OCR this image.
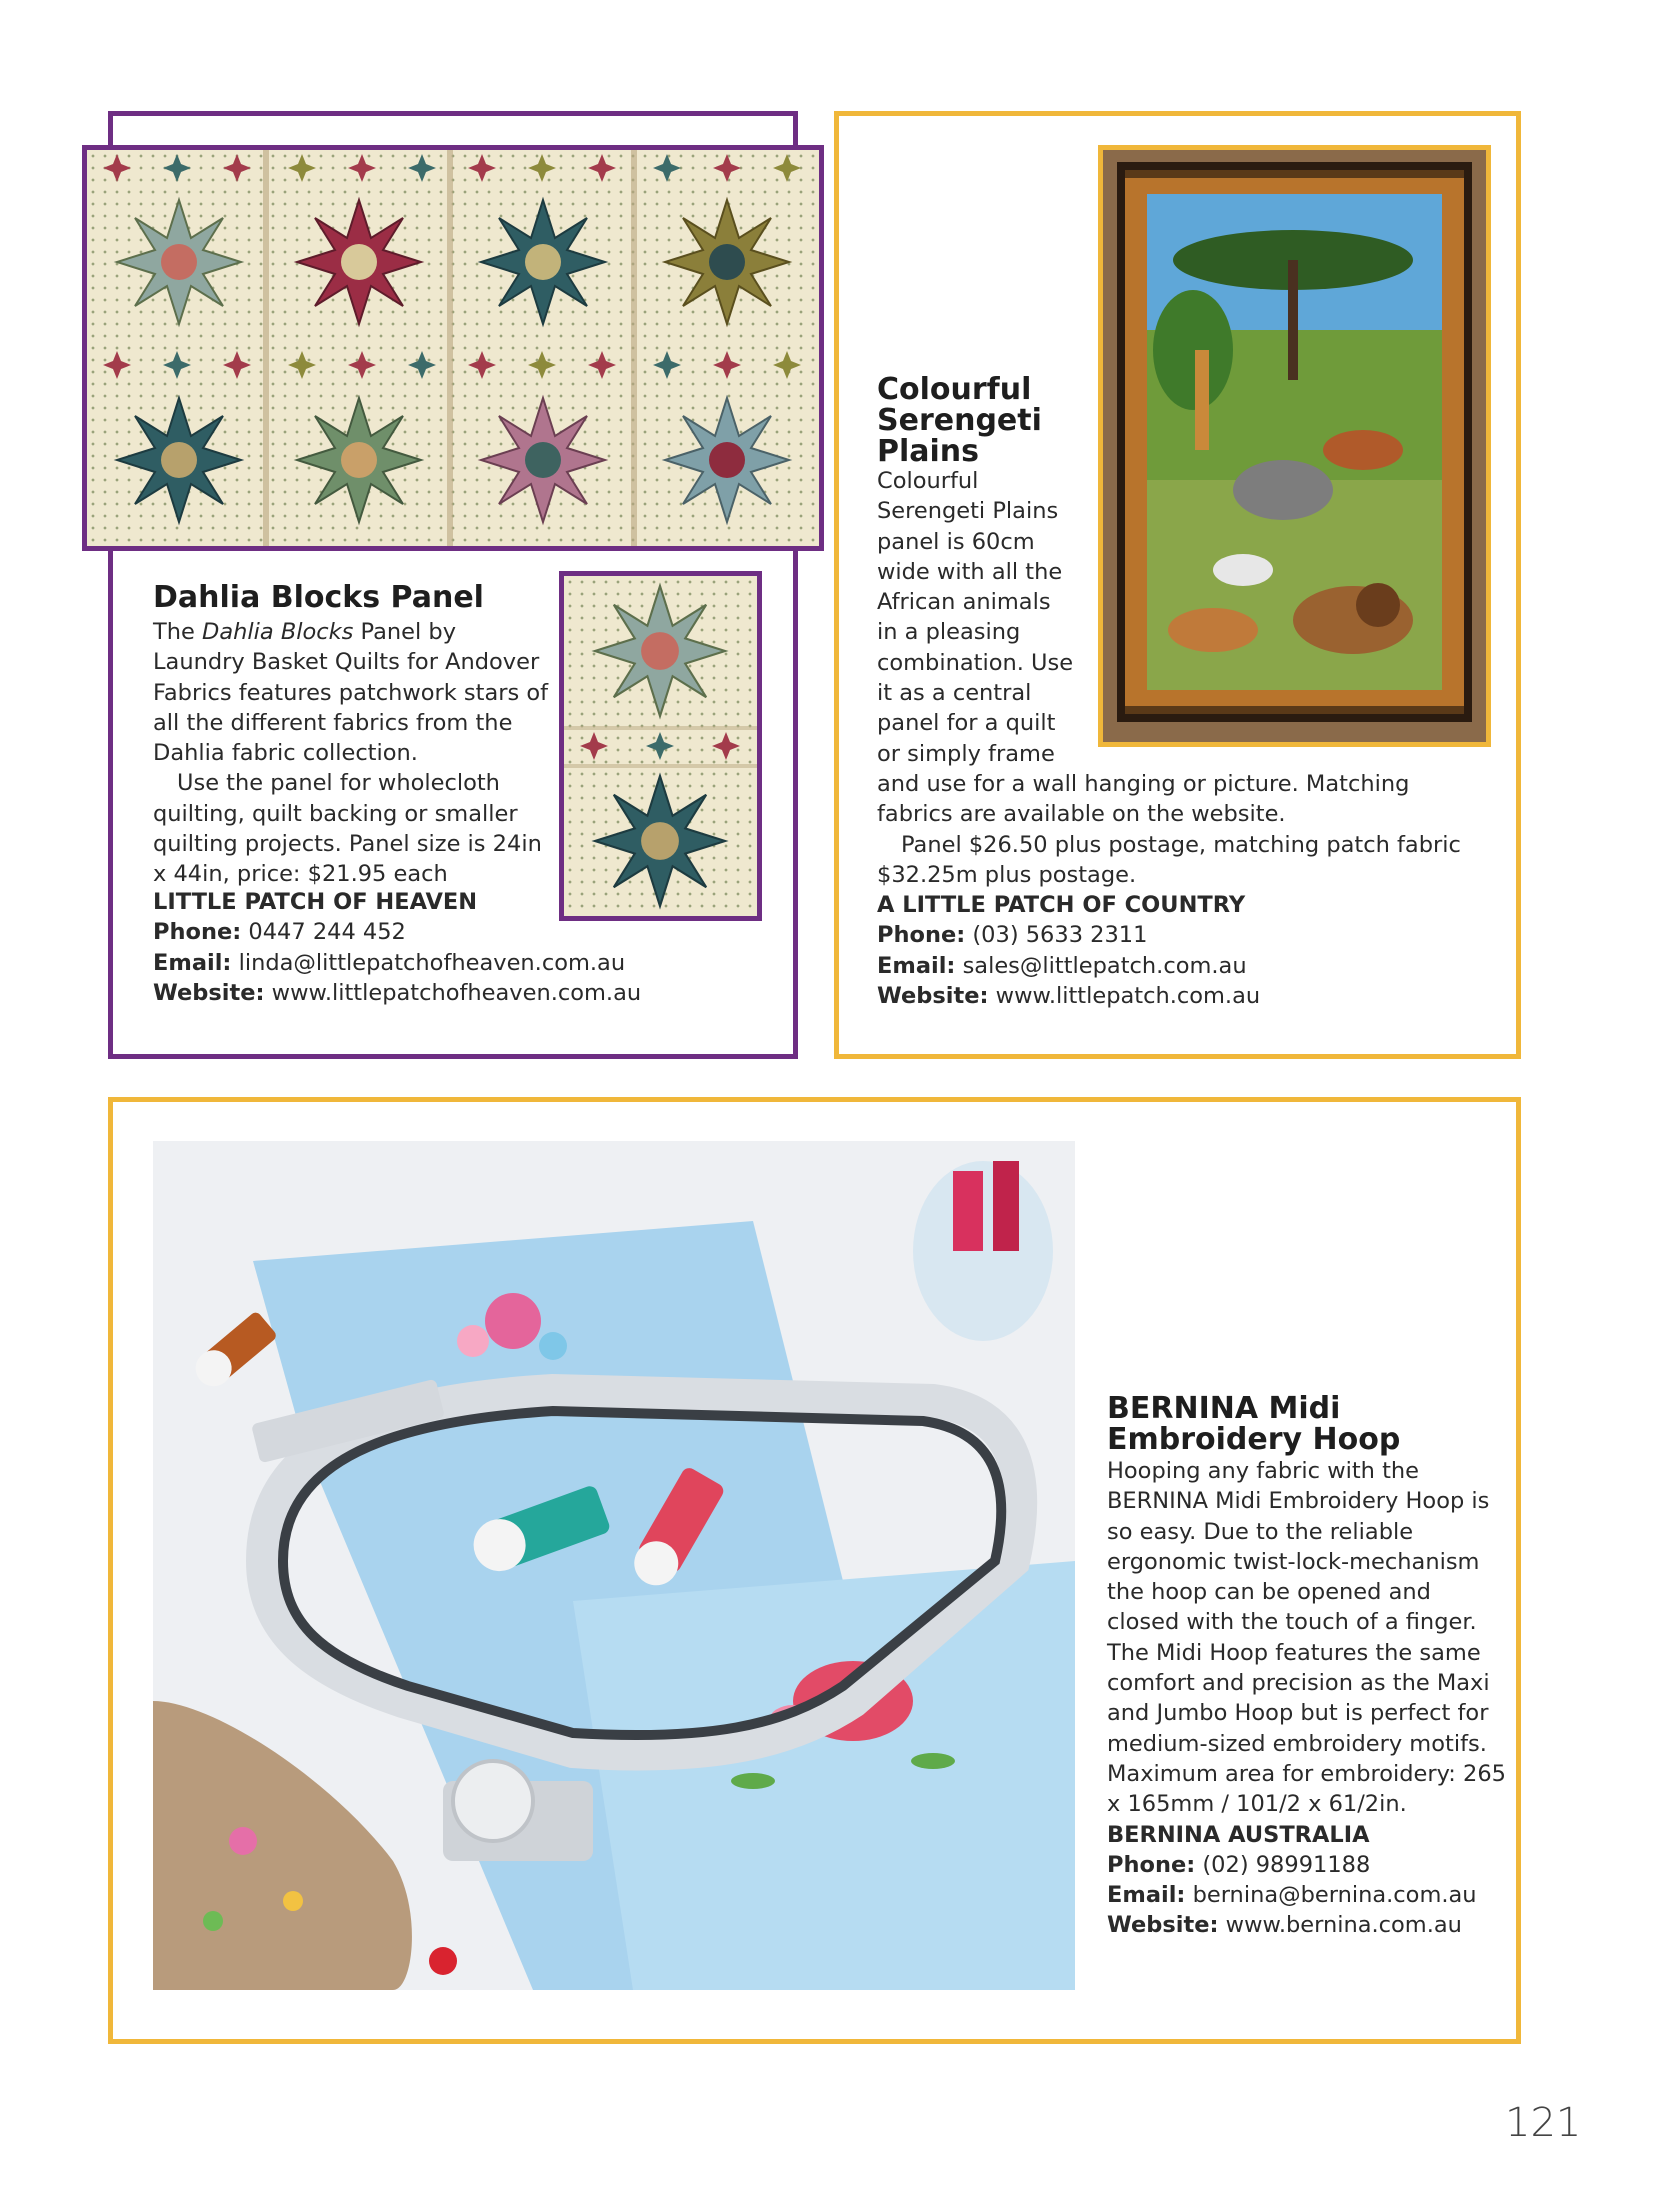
Dahlia Blocks Panel

The Dahlia Blocks Panel by Laundry Basket Quilts for Andover Fabrics features patchwork stars of all the different fabrics from the Dahlia fabric collection.

Use the panel for wholecloth quilting, quilt backing or smaller quilting projects. Panel size is 24in x 44in, price: $21.95 each

LITTLE PATCH OF HEAVEN

Phone: 0447 244 452

Email: linda@littlepatchofheaven.com.au

Website: www.littlepatchofheaven.com.au

Colourful
Serengeti
Plains
Colourful
Serengeti Plains
panel is 60cm
wide with all the
African animals
in a pleasing
combination. Use
it as a central
panel for a quilt
or simply frame
and use for a wall hanging or picture. Matching
fabrics are available on the website.
Panel $26.50 plus postage, matching patch fabric
$32.25m plus postage.

A LITTLE PATCH OF COUNTRY

Phone: (03) 5633 2311

Email: sales@littlepatch.com.au

Website: www.littlepatch.com.au

BERNINA Midi
Embroidery Hoop

Hooping any fabric with the BERNINA Midi Embroidery Hoop is so easy. Due to the reliable ergonomic twist-lock-mechanism the hoop can be opened and closed with the touch of a finger. The Midi Hoop features the same comfort and precision as the Maxi and Jumbo Hoop but is perfect for medium-sized embroidery motifs. Maximum area for embroidery: 265 x 165mm / 101/2 x 61/2in.

BERNINA AUSTRALIA

Phone: (02) 98991188

Email: bernina@bernina.com.au

Website: www.bernina.com.au

121
